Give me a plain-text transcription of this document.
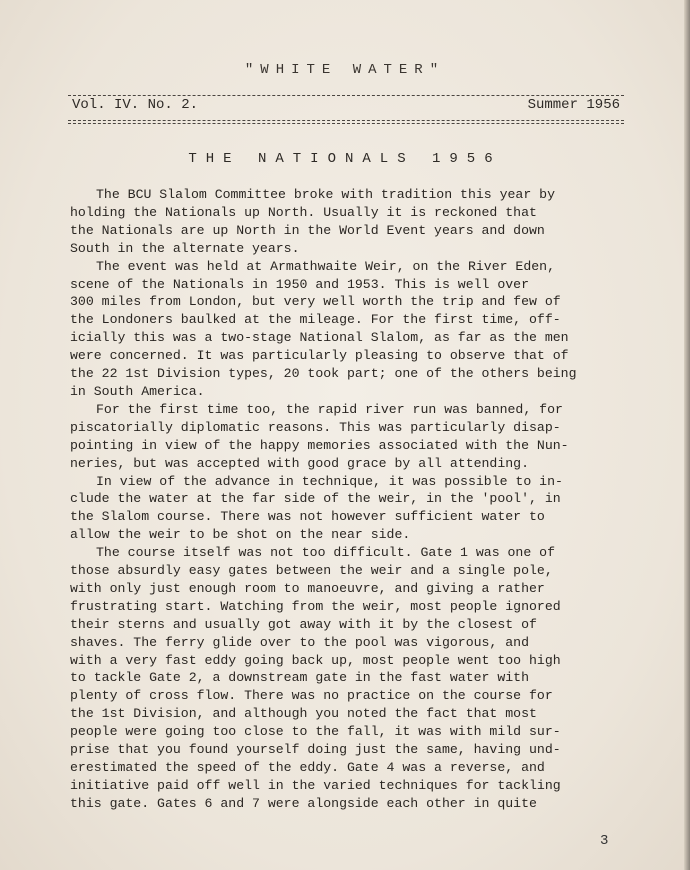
"WHITE WATER"
Vol. IV. No. 2.	Summer 1956
THE NATIONALS 1956
The BCU Slalom Committee broke with tradition this year by
holding the Nationals up North. Usually it is reckoned that
the Nationals are up North in the World Event years and down
South in the alternate years.
The event was held at Armathwaite Weir, on the River Eden,
scene of the Nationals in 1950 and 1953. This is well over
300 miles from London, but very well worth the trip and few of
the Londoners baulked at the mileage. For the first time, off-
icially this was a two-stage National Slalom, as far as the men
were concerned. It was particularly pleasing to observe that of
the 22 1st Division types, 20 took part; one of the others being
in South America.
For the first time too, the rapid river run was banned, for
piscatorially diplomatic reasons. This was particularly disap-
pointing in view of the happy memories associated with the Nun-
neries, but was accepted with good grace by all attending.
In view of the advance in technique, it was possible to in-
clude the water at the far side of the weir, in the 'pool', in
the Slalom course. There was not however sufficient water to
allow the weir to be shot on the near side.
The course itself was not too difficult. Gate 1 was one of
those absurdly easy gates between the weir and a single pole,
with only just enough room to manoeuvre, and giving a rather
frustrating start. Watching from the weir, most people ignored
their sterns and usually got away with it by the closest of
shaves. The ferry glide over to the pool was vigorous, and
with a very fast eddy going back up, most people went too high
to tackle Gate 2, a downstream gate in the fast water with
plenty of cross flow. There was no practice on the course for
the 1st Division, and although you noted the fact that most
people were going too close to the fall, it was with mild sur-
prise that you found yourself doing just the same, having und-
erestimated the speed of the eddy. Gate 4 was a reverse, and
initiative paid off well in the varied techniques for tackling
this gate. Gates 6 and 7 were alongside each other in quite
3
